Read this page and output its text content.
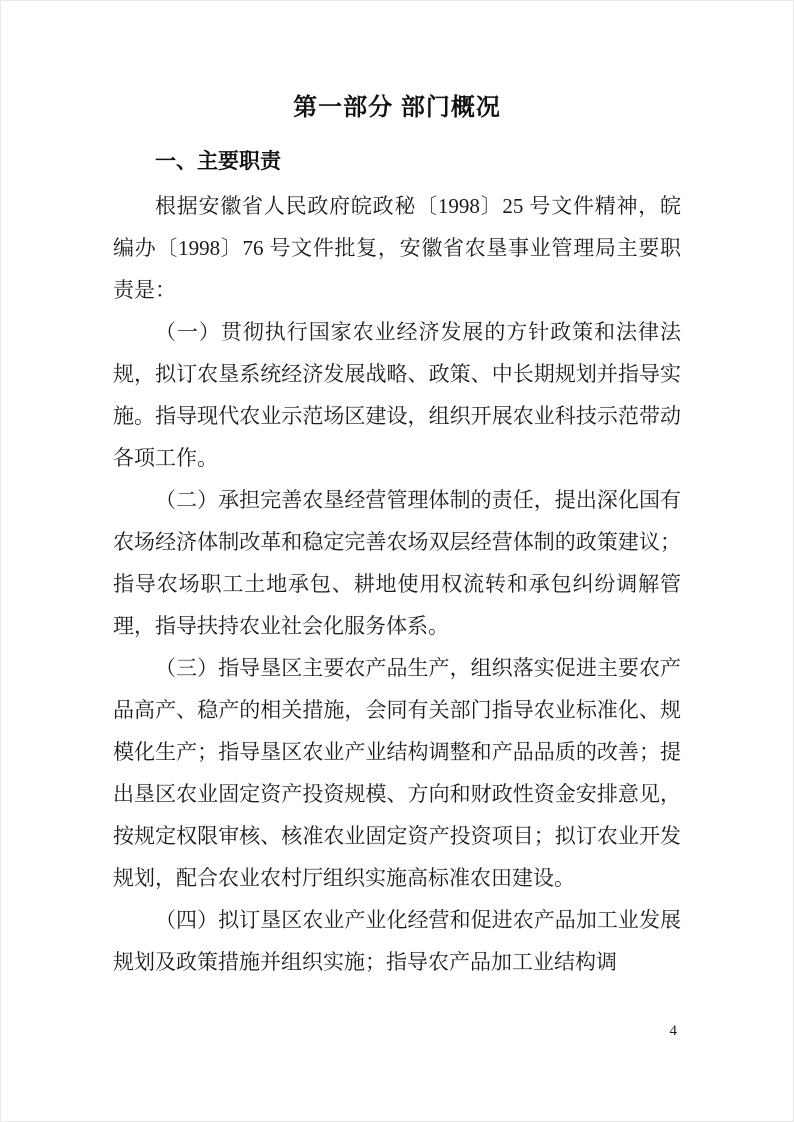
第一部分 部门概况
一、主要职责

根据安徽省人民政府皖政秘〔1998〕25 号文件精神，皖编办〔1998〕76 号文件批复，安徽省农垦事业管理局主要职责是：

（一）贯彻执行国家农业经济发展的方针政策和法律法规，拟订农垦系统经济发展战略、政策、中长期规划并指导实施。指导现代农业示范场区建设，组织开展农业科技示范带动各项工作。

（二）承担完善农垦经营管理体制的责任，提出深化国有农场经济体制改革和稳定完善农场双层经营体制的政策建议；指导农场职工土地承包、耕地使用权流转和承包纠纷调解管理，指导扶持农业社会化服务体系。

（三）指导垦区主要农产品生产，组织落实促进主要农产品高产、稳产的相关措施，会同有关部门指导农业标准化、规模化生产；指导垦区农业产业结构调整和产品品质的改善；提出垦区农业固定资产投资规模、方向和财政性资金安排意见，按规定权限审核、核准农业固定资产投资项目；拟订农业开发规划，配合农业农村厅组织实施高标准农田建设。

（四）拟订垦区农业产业化经营和促进农产品加工业发展规划及政策措施并组织实施；指导农产品加工业结构调

4
